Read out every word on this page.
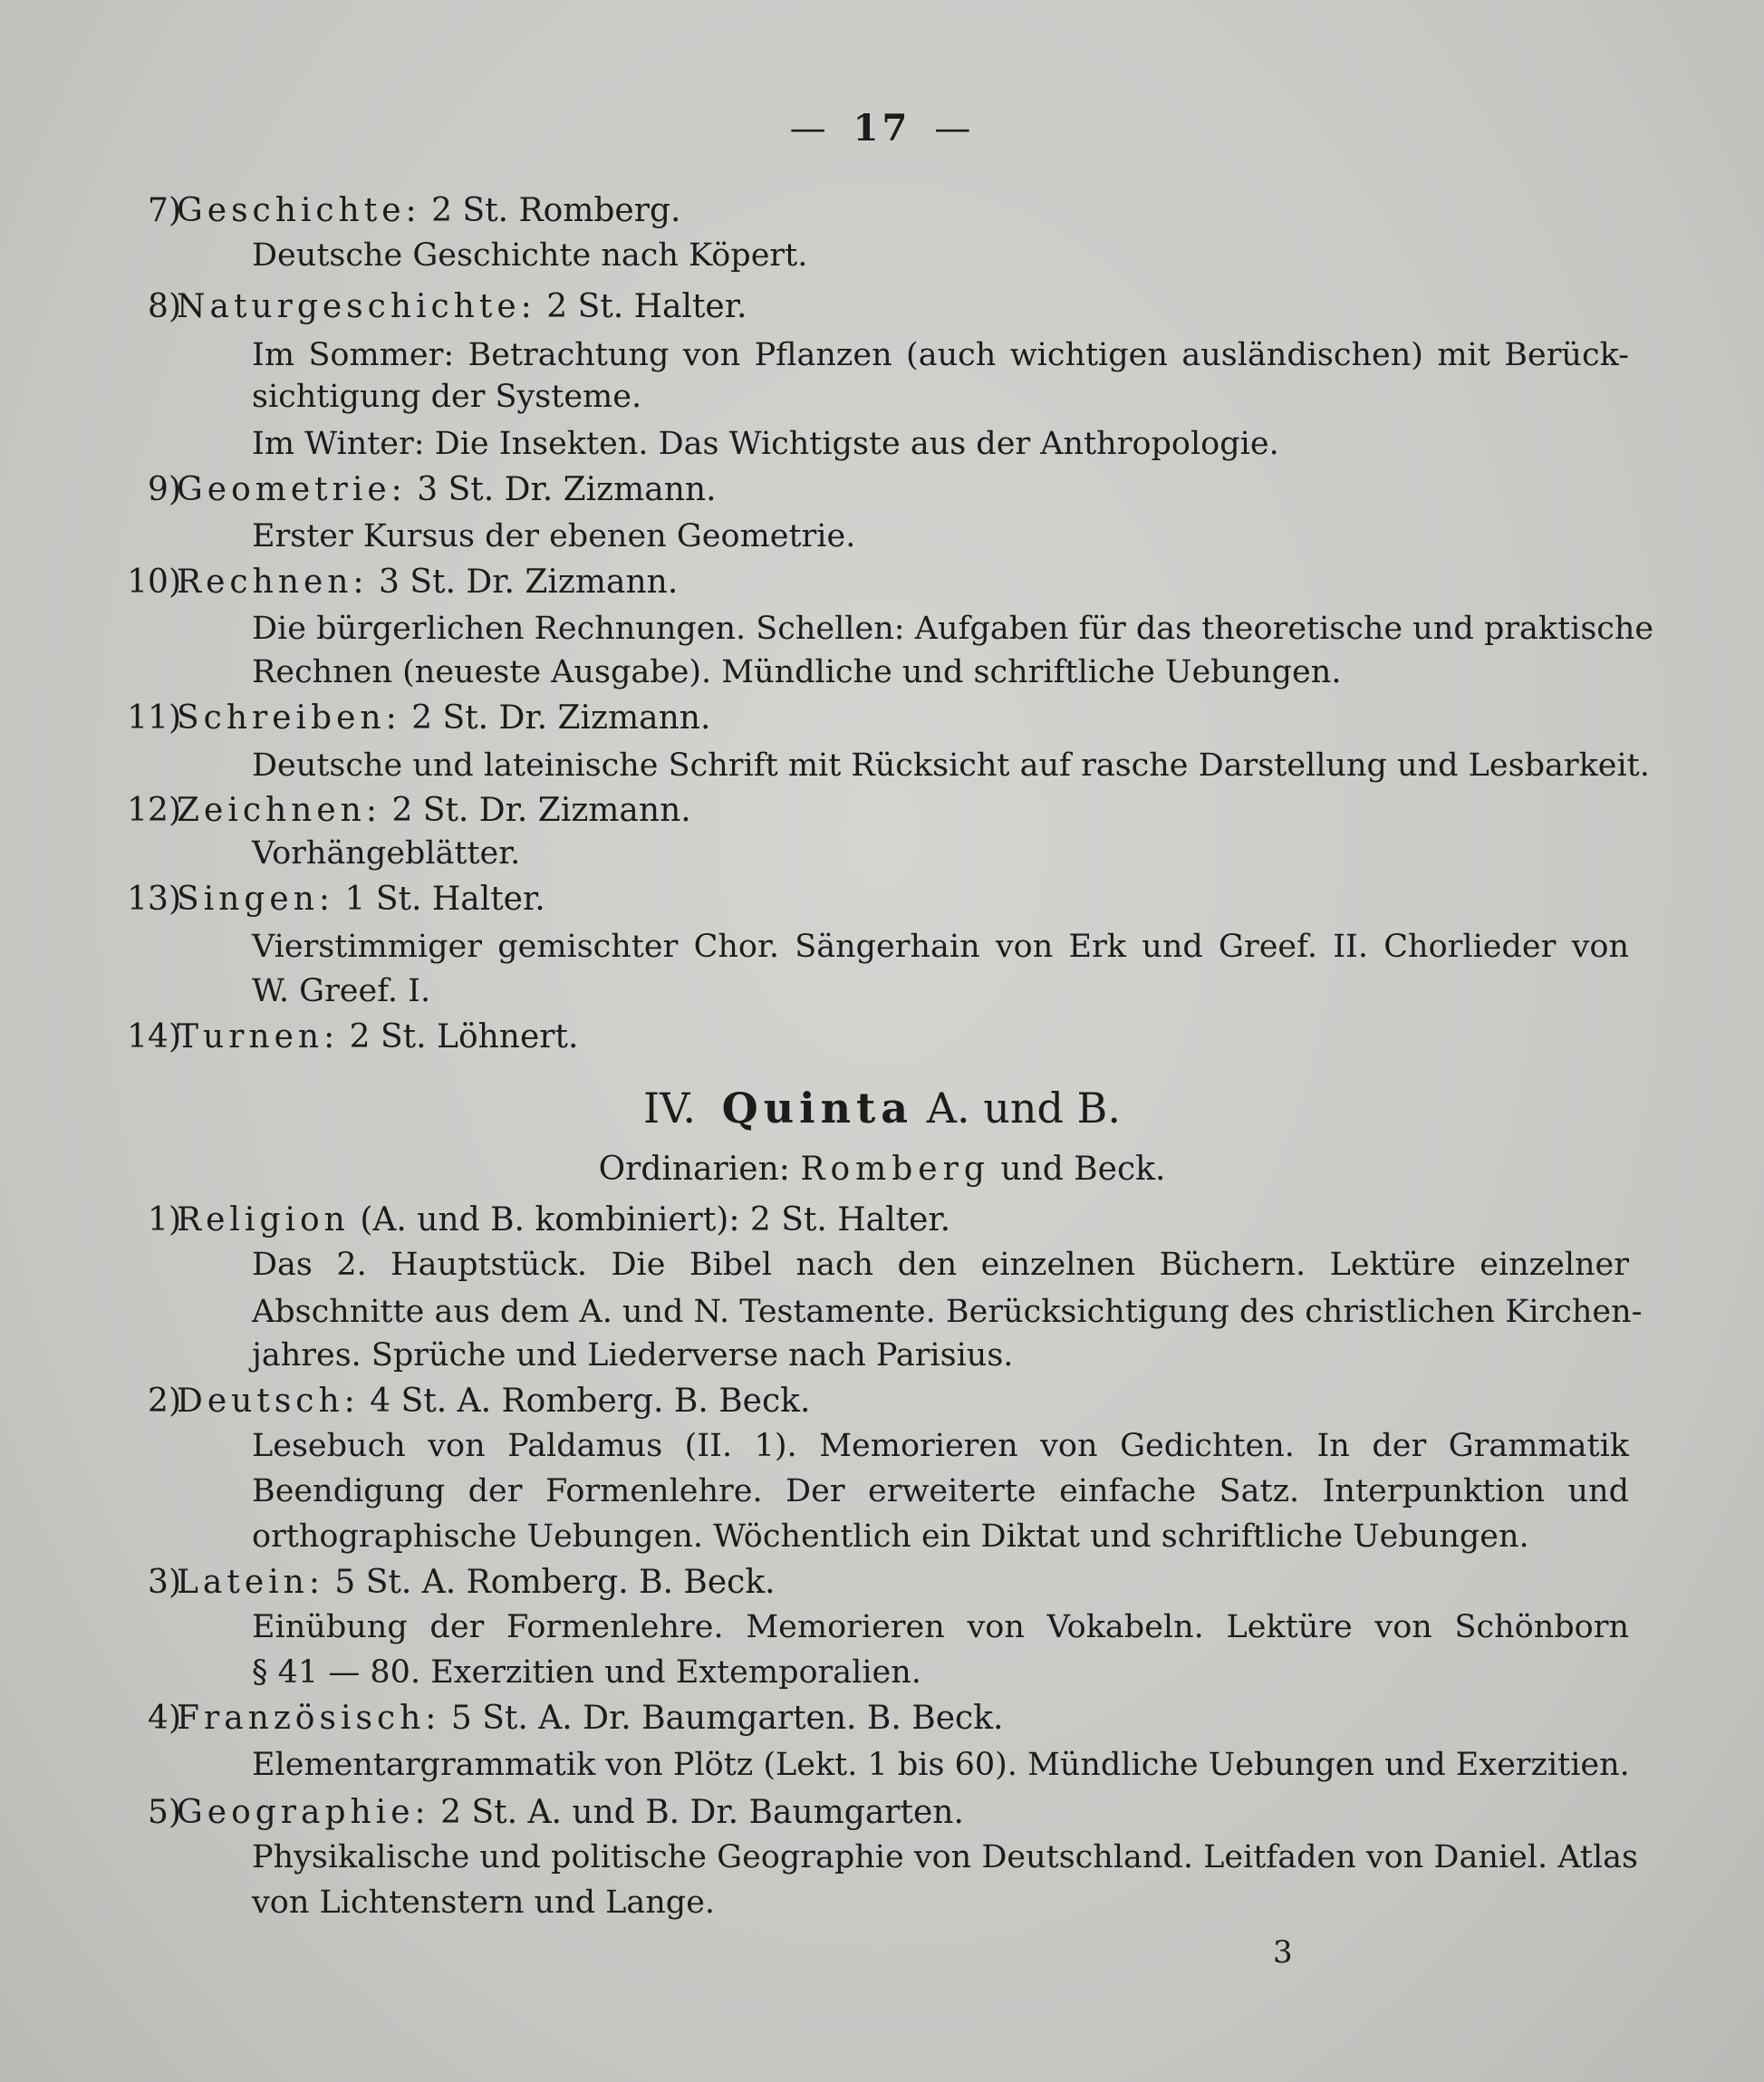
— 17 —
7)
Geschichte: 2 St. Romberg.
Deutsche Geschichte nach Köpert.
8)
Naturgeschichte: 2 St. Halter.
Im Sommer: Betrachtung von Pflanzen (auch wichtigen ausländischen) mit Berück-
sichtigung der Systeme.
Im Winter: Die Insekten. Das Wichtigste aus der Anthropologie.
9)
Geometrie: 3 St. Dr. Zizmann.
Erster Kursus der ebenen Geometrie.
10)
Rechnen: 3 St. Dr. Zizmann.
Die bürgerlichen Rechnungen. Schellen: Aufgaben für das theoretische und praktische
Rechnen (neueste Ausgabe). Mündliche und schriftliche Uebungen.
11)
Schreiben: 2 St. Dr. Zizmann.
Deutsche und lateinische Schrift mit Rücksicht auf rasche Darstellung und Lesbarkeit.
12)
Zeichnen: 2 St. Dr. Zizmann.
Vorhängeblätter.
13)
Singen: 1 St. Halter.
Vierstimmiger gemischter Chor. Sängerhain von Erk und Greef. II. Chorlieder von
W. Greef. I.
14)
Turnen: 2 St. Löhnert.
IV. Quinta A. und B.
Ordinarien: Romberg und Beck.
1)
Religion (A. und B. kombiniert): 2 St. Halter.
Das 2. Hauptstück. Die Bibel nach den einzelnen Büchern. Lektüre einzelner
Abschnitte aus dem A. und N. Testamente. Berücksichtigung des christlichen Kirchen-
jahres. Sprüche und Liederverse nach Parisius.
2)
Deutsch: 4 St. A. Romberg. B. Beck.
Lesebuch von Paldamus (II. 1). Memorieren von Gedichten. In der Grammatik
Beendigung der Formenlehre. Der erweiterte einfache Satz. Interpunktion und
orthographische Uebungen. Wöchentlich ein Diktat und schriftliche Uebungen.
3)
Latein: 5 St. A. Romberg. B. Beck.
Einübung der Formenlehre. Memorieren von Vokabeln. Lektüre von Schönborn
§ 41 — 80. Exerzitien und Extemporalien.
4)
Französisch: 5 St. A. Dr. Baumgarten. B. Beck.
Elementargrammatik von Plötz (Lekt. 1 bis 60). Mündliche Uebungen und Exerzitien.
5)
Geographie: 2 St. A. und B. Dr. Baumgarten.
Physikalische und politische Geographie von Deutschland. Leitfaden von Daniel. Atlas
von Lichtenstern und Lange.
3
